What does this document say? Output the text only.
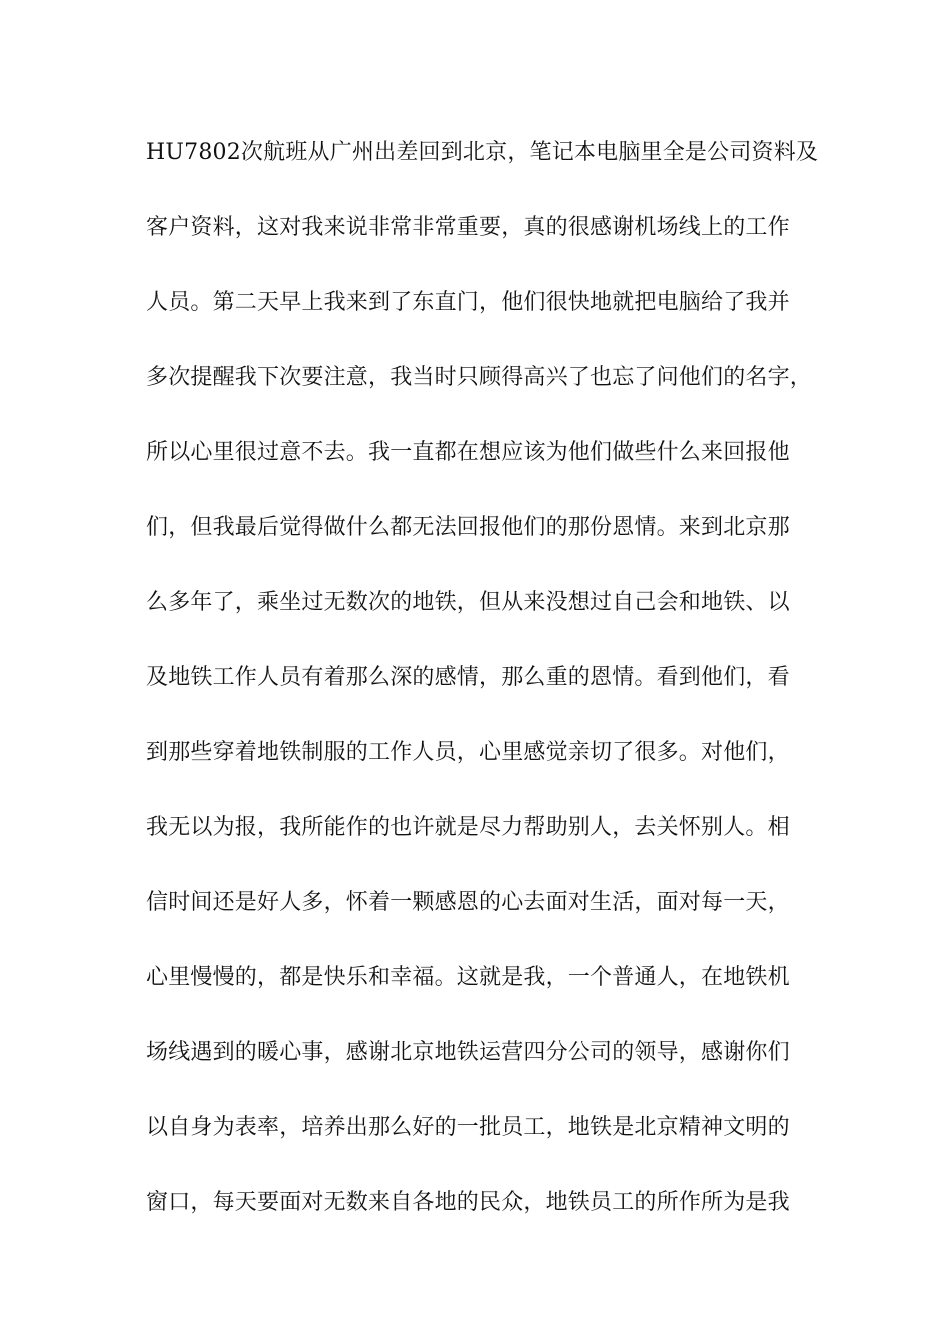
HU7802次航班从广州出差回到北京，笔记本电脑里全是公司资料及
客户资料，这对我来说非常非常重要，真的很感谢机场线上的工作
人员。第二天早上我来到了东直门，他们很快地就把电脑给了我并
多次提醒我下次要注意，我当时只顾得高兴了也忘了问他们的名字，
所以心里很过意不去。我一直都在想应该为他们做些什么来回报他
们，但我最后觉得做什么都无法回报他们的那份恩情。来到北京那
么多年了，乘坐过无数次的地铁，但从来没想过自己会和地铁、以
及地铁工作人员有着那么深的感情，那么重的恩情。看到他们，看
到那些穿着地铁制服的工作人员，心里感觉亲切了很多。对他们，
我无以为报，我所能作的也许就是尽力帮助别人，去关怀别人。相
信时间还是好人多，怀着一颗感恩的心去面对生活，面对每一天，
心里慢慢的，都是快乐和幸福。这就是我，一个普通人，在地铁机
场线遇到的暖心事，感谢北京地铁运营四分公司的领导，感谢你们
以自身为表率，培养出那么好的一批员工，地铁是北京精神文明的
窗口，每天要面对无数来自各地的民众，地铁员工的所作所为是我
